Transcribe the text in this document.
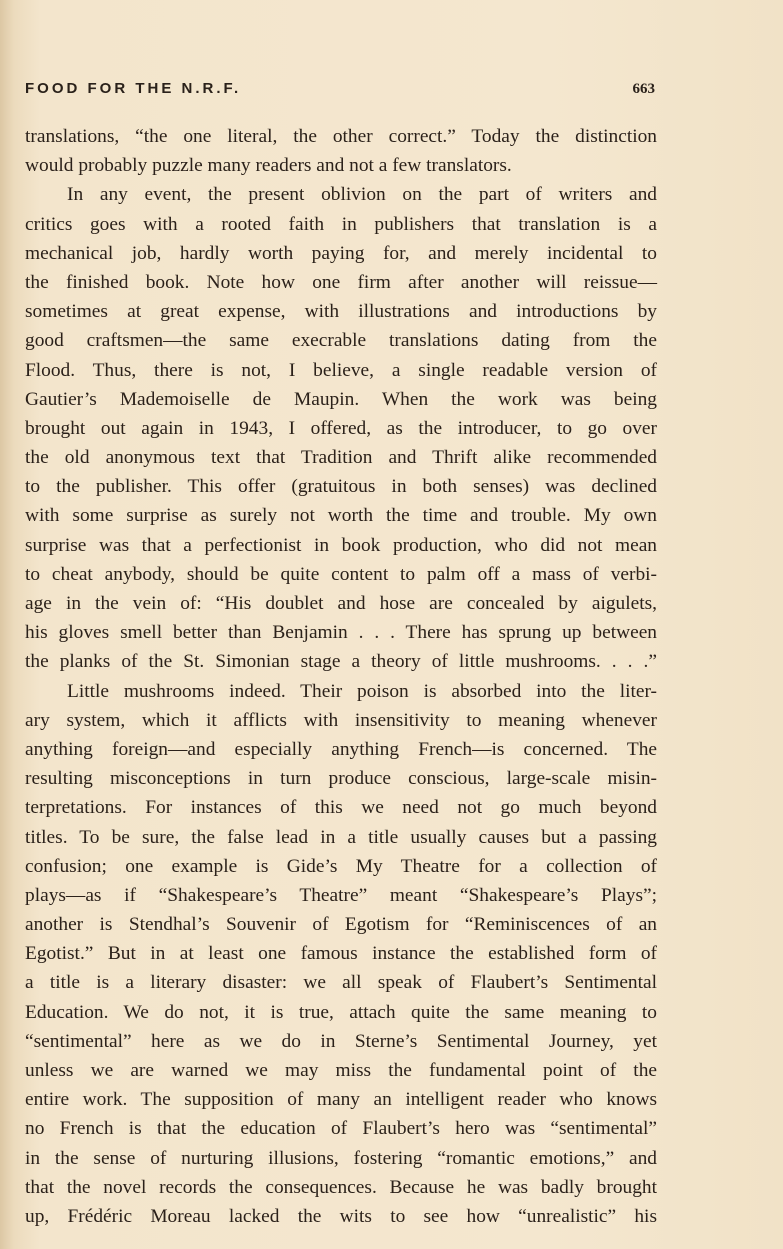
FOOD FOR THE N.R.F.	663
translations, “the one literal, the other correct.” Today the distinction
would probably puzzle many readers and not a few translators.
In any event, the present oblivion on the part of writers and
critics goes with a rooted faith in publishers that translation is a
mechanical job, hardly worth paying for, and merely incidental to
the finished book. Note how one firm after another will reissue—
sometimes at great expense, with illustrations and introductions by
good craftsmen—the same execrable translations dating from the
Flood. Thus, there is not, I believe, a single readable version of
Gautier’s Mademoiselle de Maupin. When the work was being
brought out again in 1943, I offered, as the introducer, to go over
the old anonymous text that Tradition and Thrift alike recommended
to the publisher. This offer (gratuitous in both senses) was declined
with some surprise as surely not worth the time and trouble. My own
surprise was that a perfectionist in book production, who did not mean
to cheat anybody, should be quite content to palm off a mass of verbi-
age in the vein of: “His doublet and hose are concealed by aigulets,
his gloves smell better than Benjamin . . . There has sprung up between
the planks of the St. Simonian stage a theory of little mushrooms. . . .”
Little mushrooms indeed. Their poison is absorbed into the liter-
ary system, which it afflicts with insensitivity to meaning whenever
anything foreign—and especially anything French—is concerned. The
resulting misconceptions in turn produce conscious, large-scale misin-
terpretations. For instances of this we need not go much beyond
titles. To be sure, the false lead in a title usually causes but a passing
confusion; one example is Gide’s My Theatre for a collection of
plays—as if “Shakespeare’s Theatre” meant “Shakespeare’s Plays”;
another is Stendhal’s Souvenir of Egotism for “Reminiscences of an
Egotist.” But in at least one famous instance the established form of
a title is a literary disaster: we all speak of Flaubert’s Sentimental
Education. We do not, it is true, attach quite the same meaning to
“sentimental” here as we do in Sterne’s Sentimental Journey, yet
unless we are warned we may miss the fundamental point of the
entire work. The supposition of many an intelligent reader who knows
no French is that the education of Flaubert’s hero was “sentimental”
in the sense of nurturing illusions, fostering “romantic emotions,” and
that the novel records the consequences. Because he was badly brought
up, Frédéric Moreau lacked the wits to see how “unrealistic” his
